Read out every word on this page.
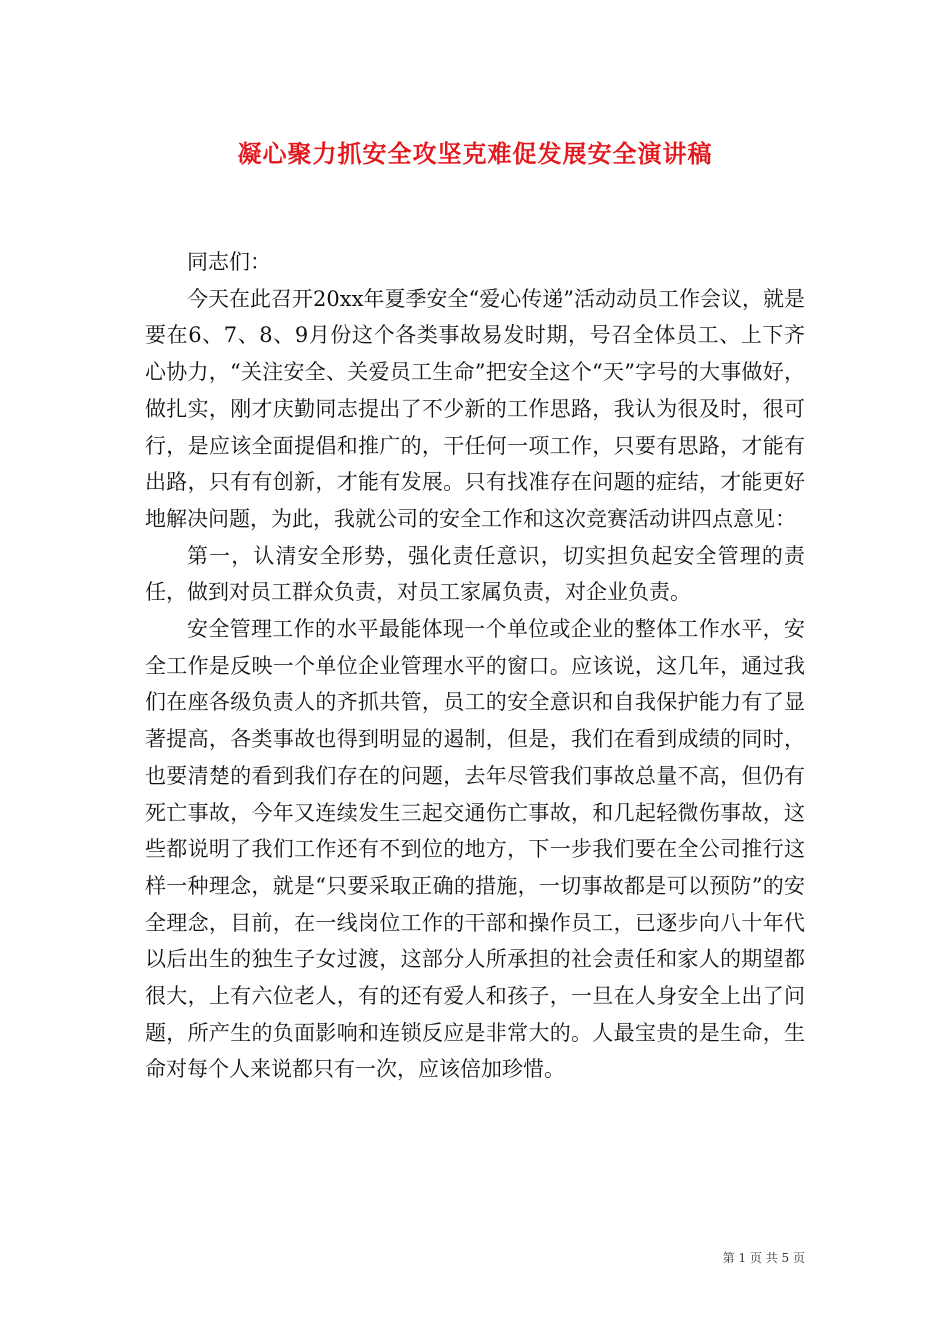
凝心聚力抓安全攻坚克难促发展安全演讲稿

同志们：

今天在此召开20xx年夏季安全“爱心传递”活动动员工作会议，就是要在6、7、8、9月份这个各类事故易发时期，号召全体员工、上下齐心协力，“关注安全、关爱员工生命”把安全这个“天”字号的大事做好，做扎实，刚才庆勤同志提出了不少新的工作思路，我认为很及时，很可行，是应该全面提倡和推广的，干任何一项工作，只要有思路，才能有出路，只有有创新，才能有发展。只有找准存在问题的症结，才能更好地解决问题，为此，我就公司的安全工作和这次竞赛活动讲四点意见：

第一，认清安全形势，强化责任意识，切实担负起安全管理的责任，做到对员工群众负责，对员工家属负责，对企业负责。

安全管理工作的水平最能体现一个单位或企业的整体工作水平，安全工作是反映一个单位企业管理水平的窗口。应该说，这几年，通过我们在座各级负责人的齐抓共管，员工的安全意识和自我保护能力有了显著提高，各类事故也得到明显的遏制，但是，我们在看到成绩的同时，也要清楚的看到我们存在的问题，去年尽管我们事故总量不高，但仍有死亡事故，今年又连续发生三起交通伤亡事故，和几起轻微伤事故，这些都说明了我们工作还有不到位的地方，下一步我们要在全公司推行这样一种理念，就是“只要采取正确的措施，一切事故都是可以预防”的安全理念，目前，在一线岗位工作的干部和操作员工，已逐步向八十年代以后出生的独生子女过渡，这部分人所承担的社会责任和家人的期望都很大，上有六位老人，有的还有爱人和孩子，一旦在人身安全上出了问题，所产生的负面影响和连锁反应是非常大的。人最宝贵的是生命，生命对每个人来说都只有一次，应该倍加珍惜。

第 1 页 共 5 页
